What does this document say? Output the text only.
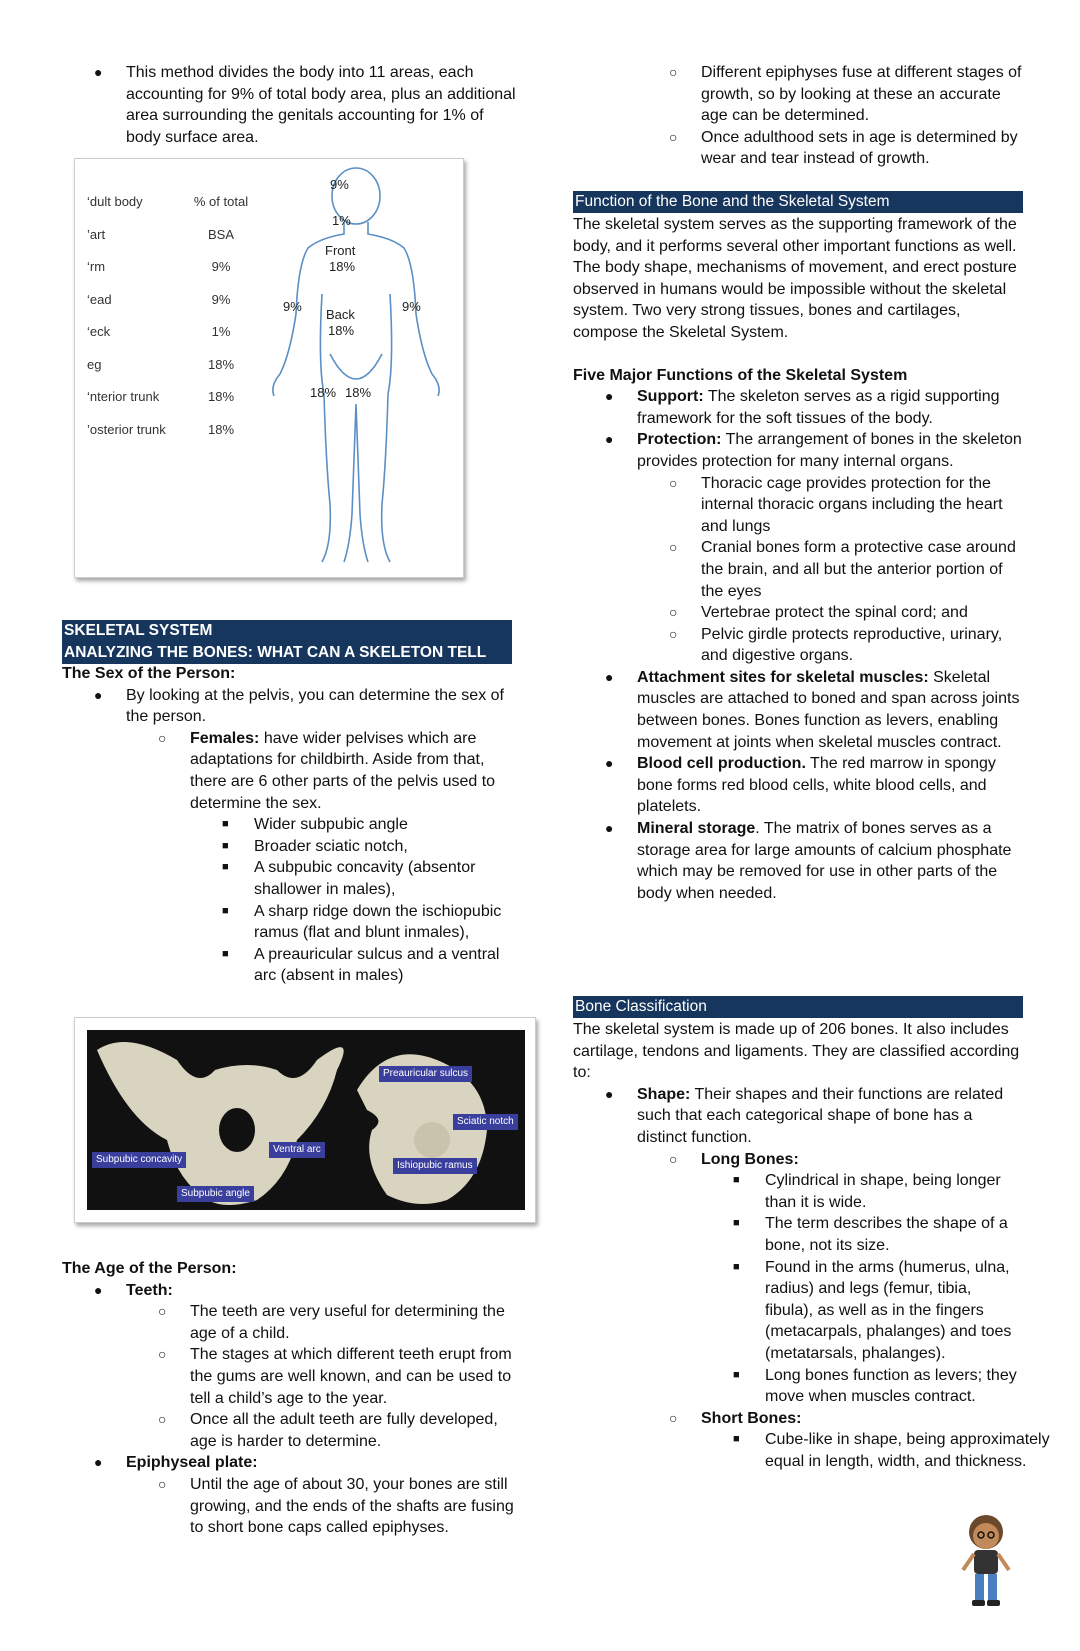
● This method divides the body into 11 areas, each accounting for 9% of total body area, plus an additional area surrounding the genitals accounting for 1% of body surface area.

‘dult body	% of total
’art	BSA
‘rm	9%
‘ead	9%
‘eck	1%
eg	18%
‘nterior trunk	18%
’osterior trunk	18%
9%
1%
Front
18%
Back
18%
9%	9%
18% 18%
SKELETAL SYSTEM
ANALYZING THE BONES: WHAT CAN A SKELETON TELL

The Sex of the Person:

● By looking at the pelvis, you can determine the sex of the person.

○ Females: have wider pelvises which are adaptations for childbirth. Aside from that, there are 6 other parts of the pelvis used to determine the sex.

■ Wider subpubic angle

■ Broader sciatic notch,

■ A subpubic concavity (absentor shallower in males),

■ A sharp ridge down the ischiopubic ramus (flat and blunt inmales),

■ A preauricular sulcus and a ventral arc (absent in males)

Preauricular sulcus
Sciatic notch
Ventral arc
Ishiopubic ramus
Subpubic concavity
Subpubic angle

The Age of the Person:

● Teeth:

○ The teeth are very useful for determining the age of a child.

○ The stages at which different teeth erupt from the gums are well known, and can be used to tell a child’s age to the year.

○ Once all the adult teeth are fully developed, age is harder to determine.

● Epiphyseal plate:

○ Until the age of about 30, your bones are still growing, and the ends of the shafts are fusing to short bone caps called epiphyses.

○ Different epiphyses fuse at different stages of growth, so by looking at these an accurate age can be determined.

○ Once adulthood sets in age is determined by wear and tear instead of growth.

Function of the Bone and the Skeletal System

The skeletal system serves as the supporting framework of the body, and it performs several other important functions as well. The body shape, mechanisms of movement, and erect posture observed in humans would be impossible without the skeletal system. Two very strong tissues, bones and cartilages, compose the Skeletal System.

Five Major Functions of the Skeletal System

● Support: The skeleton serves as a rigid supporting framework for the soft tissues of the body.

● Protection: The arrangement of bones in the skeleton provides protection for many internal organs.

○ Thoracic cage provides protection for the internal thoracic organs including the heart and lungs

○ Cranial bones form a protective case around the brain, and all but the anterior portion of the eyes

○ Vertebrae protect the spinal cord; and

○ Pelvic girdle protects reproductive, urinary, and digestive organs.

● Attachment sites for skeletal muscles: Skeletal muscles are attached to boned and span across joints between bones. Bones function as levers, enabling movement at joints when skeletal muscles contract.

● Blood cell production. The red marrow in spongy bone forms red blood cells, white blood cells, and platelets.

● Mineral storage. The matrix of bones serves as a storage area for large amounts of calcium phosphate which may be removed for use in other parts of the body when needed.

Bone Classification

The skeletal system is made up of 206 bones. It also includes cartilage, tendons and ligaments. They are classified according to:

● Shape: Their shapes and their functions are related such that each categorical shape of bone has a distinct function.

○ Long Bones:

■ Cylindrical in shape, being longer than it is wide.

■ The term describes the shape of a bone, not its size.

■ Found in the arms (humerus, ulna, radius) and legs (femur, tibia, fibula), as well as in the fingers (metacarpals, phalanges) and toes (metatarsals, phalanges).

■ Long bones function as levers; they move when muscles contract.

○ Short Bones:

■ Cube-like in shape, being approximately equal in length, width, and thickness.
